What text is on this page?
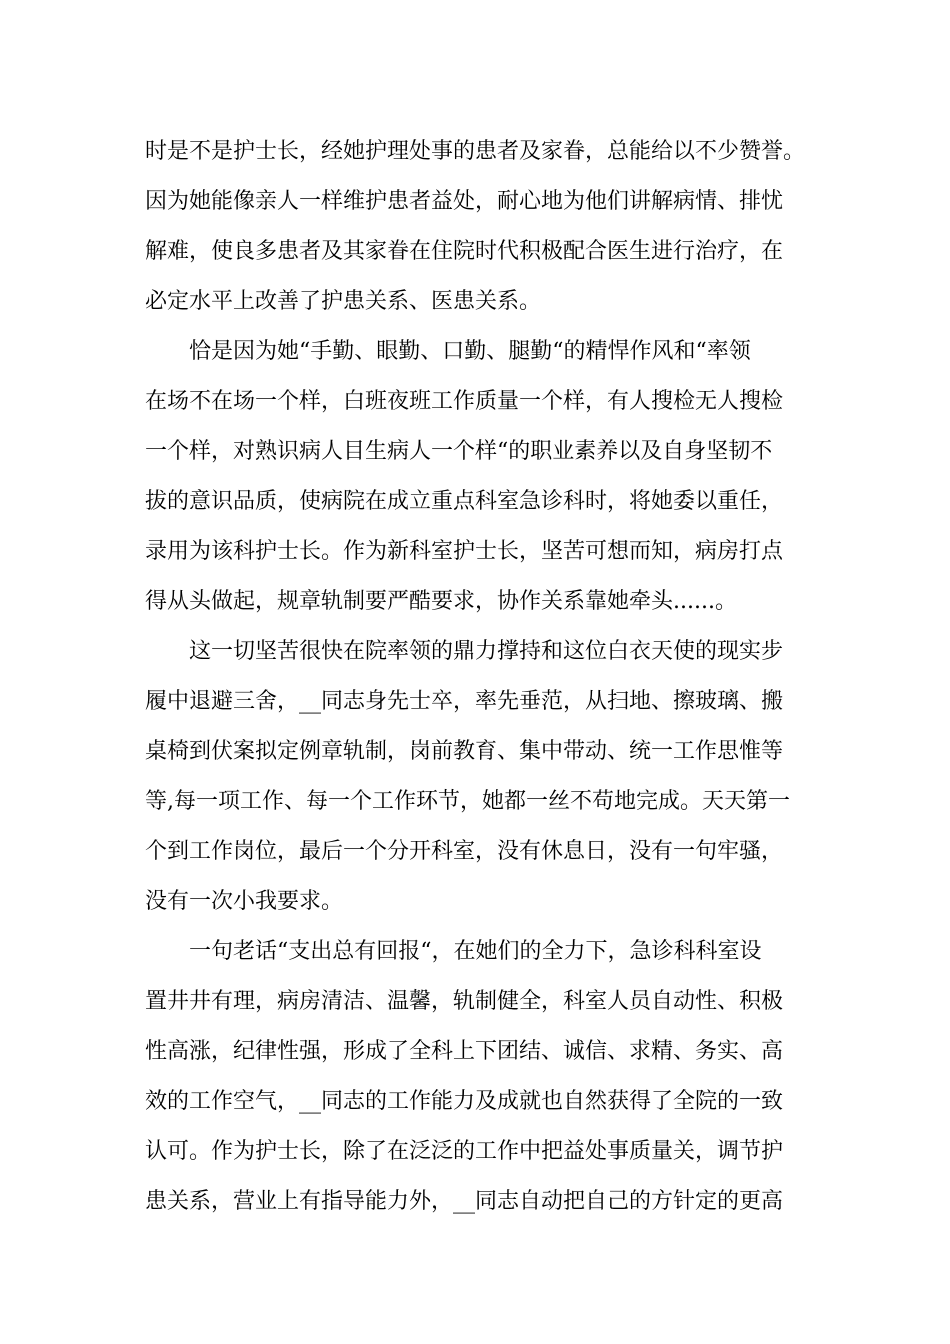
时是不是护士长，经她护理处事的患者及家眷，总能给以不少赞誉。
因为她能像亲人一样维护患者益处，耐心地为他们讲解病情、排忧
解难，使良多患者及其家眷在住院时代积极配合医生进行治疗，在
必定水平上改善了护患关系、医患关系。
　　恰是因为她“手勤、眼勤、口勤、腿勤“的精悍作风和“率领
在场不在场一个样，白班夜班工作质量一个样，有人搜检无人搜检
一个样，对熟识病人目生病人一个样“的职业素养以及自身坚韧不
拔的意识品质，使病院在成立重点科室急诊科时，将她委以重任，
录用为该科护士长。作为新科室护士长，坚苦可想而知，病房打点
得从头做起，规章轨制要严酷要求，协作关系靠她牵头......。
　　这一切坚苦很快在院率领的鼎力撑持和这位白衣天使的现实步
履中退避三舍，__同志身先士卒，率先垂范，从扫地、擦玻璃、搬
桌椅到伏案拟定例章轨制，岗前教育、集中带动、统一工作思惟等
等,每一项工作、每一个工作环节，她都一丝不苟地完成。天天第一
个到工作岗位，最后一个分开科室，没有休息日，没有一句牢骚，
没有一次小我要求。
　　一句老话“支出总有回报“，在她们的全力下，急诊科科室设
置井井有理，病房清洁、温馨，轨制健全，科室人员自动性、积极
性高涨，纪律性强，形成了全科上下团结、诚信、求精、务实、高
效的工作空气，__同志的工作能力及成就也自然获得了全院的一致
认可。作为护士长，除了在泛泛的工作中把益处事质量关，调节护
患关系，营业上有指导能力外，__同志自动把自己的方针定的更高
